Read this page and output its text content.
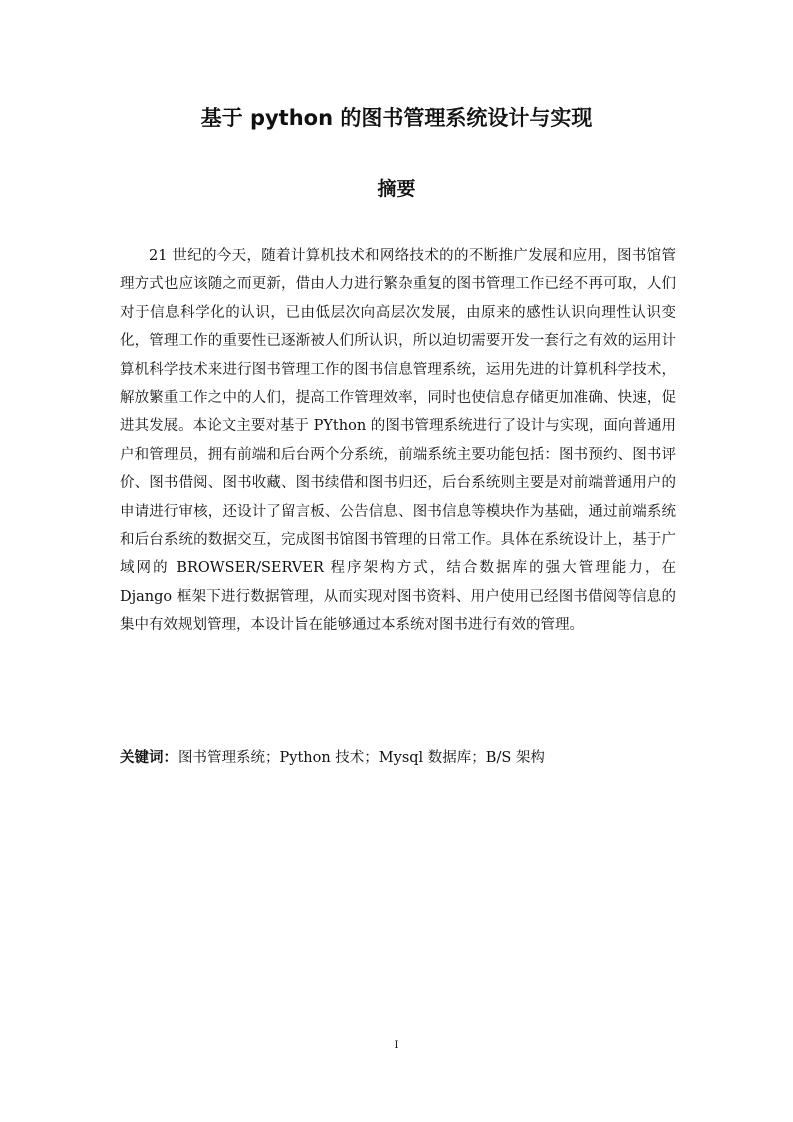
基于 python 的图书管理系统设计与实现
摘要

21 世纪的今天，随着计算机技术和网络技术的的不断推广发展和应用，图书馆管理方式也应该随之而更新，借由人力进行繁杂重复的图书管理工作已经不再可取，人们对于信息科学化的认识，已由低层次向高层次发展，由原来的感性认识向理性认识变化，管理工作的重要性已逐渐被人们所认识，所以迫切需要开发一套行之有效的运用计算机科学技术来进行图书管理工作的图书信息管理系统，运用先进的计算机科学技术，解放繁重工作之中的人们，提高工作管理效率，同时也使信息存储更加准确、快速，促进其发展。本论文主要对基于 PYthon 的图书管理系统进行了设计与实现，面向普通用户和管理员，拥有前端和后台两个分系统，前端系统主要功能包括：图书预约、图书评价、图书借阅、图书收藏、图书续借和图书归还，后台系统则主要是对前端普通用户的申请进行审核，还设计了留言板、公告信息、图书信息等模块作为基础，通过前端系统和后台系统的数据交互，完成图书馆图书管理的日常工作。具体在系统设计上，基于广域网的 BROWSER/SERVER 程序架构方式，结合数据库的强大管理能力，在 Django 框架下进行数据管理，从而实现对图书资料、用户使用已经图书借阅等信息的集中有效规划管理，本设计旨在能够通过本系统对图书进行有效的管理。

关键词：图书管理系统；Python 技术；Mysql 数据库；B/S 架构

I
